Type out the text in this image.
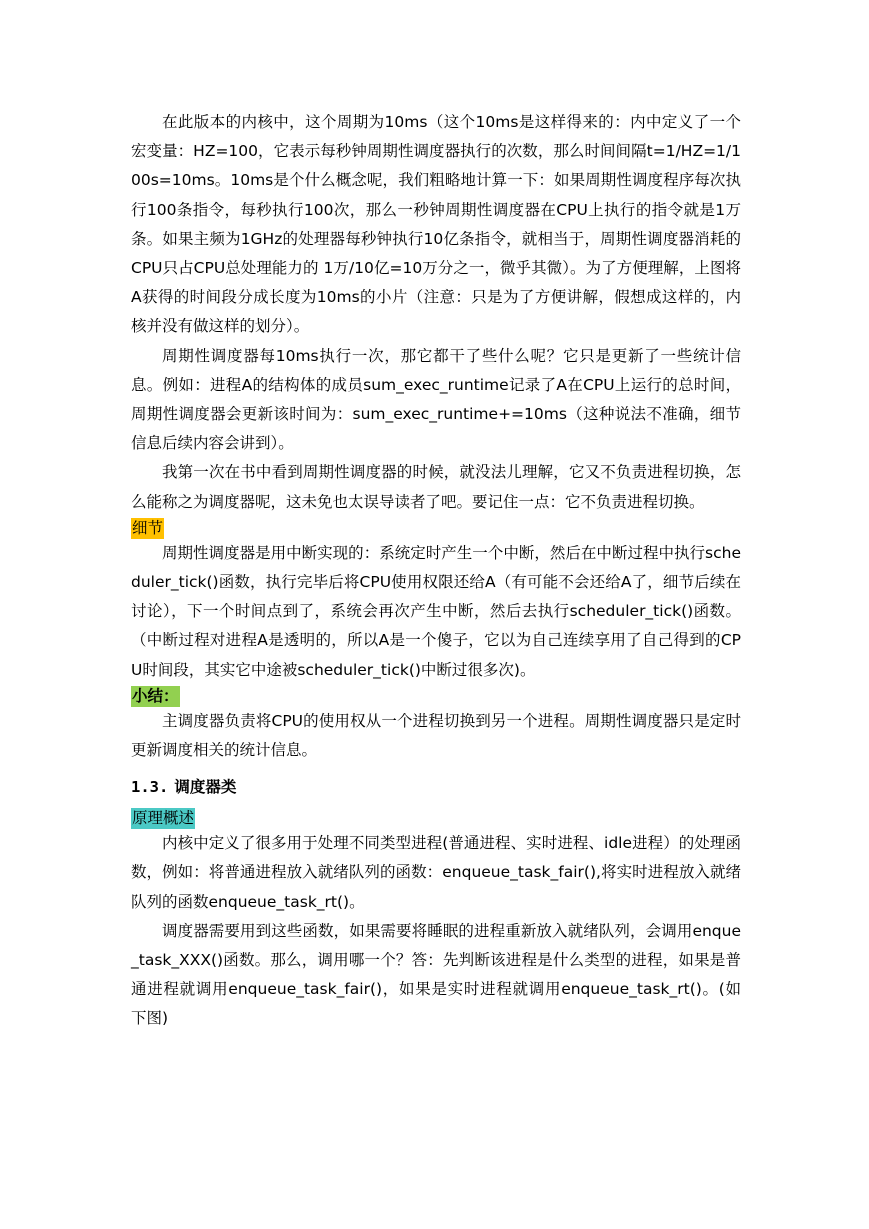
在此版本的内核中，这个周期为10ms（这个10ms是这样得来的：内中定义了一个宏变量：HZ=100，它表示每秒钟周期性调度器执行的次数，那么时间间隔t=1/HZ=1/100s=10ms。10ms是个什么概念呢，我们粗略地计算一下：如果周期性调度程序每次执行100条指令，每秒执行100次，那么一秒钟周期性调度器在CPU上执行的指令就是1万条。如果主频为1GHz的处理器每秒钟执行10亿条指令，就相当于，周期性调度器消耗的CPU只占CPU总处理能力的 1万/10亿=10万分之一，微乎其微）。为了方便理解，上图将A获得的时间段分成长度为10ms的小片（注意：只是为了方便讲解，假想成这样的，内核并没有做这样的划分）。

周期性调度器每10ms执行一次，那它都干了些什么呢？它只是更新了一些统计信息。例如：进程A的结构体的成员sum_exec_runtime记录了A在CPU上运行的总时间，周期性调度器会更新该时间为：sum_exec_runtime+=10ms（这种说法不准确，细节信息后续内容会讲到）。

我第一次在书中看到周期性调度器的时候，就没法儿理解，它又不负责进程切换，怎么能称之为调度器呢，这未免也太误导读者了吧。要记住一点：它不负责进程切换。

细节

周期性调度器是用中断实现的：系统定时产生一个中断，然后在中断过程中执行scheduler_tick()函数，执行完毕后将CPU使用权限还给A（有可能不会还给A了，细节后续在讨论），下一个时间点到了，系统会再次产生中断，然后去执行scheduler_tick()函数。（中断过程对进程A是透明的，所以A是一个傻子，它以为自己连续享用了自己得到的CPU时间段，其实它中途被scheduler_tick()中断过很多次)。

小结：

主调度器负责将CPU的使用权从一个进程切换到另一个进程。周期性调度器只是定时更新调度相关的统计信息。

1.3. 调度器类

原理概述

内核中定义了很多用于处理不同类型进程(普通进程、实时进程、idle进程）的处理函数，例如：将普通进程放入就绪队列的函数：enqueue_task_fair(),将实时进程放入就绪队列的函数enqueue_task_rt()。

调度器需要用到这些函数，如果需要将睡眠的进程重新放入就绪队列，会调用enque_task_XXX()函数。那么，调用哪一个？答：先判断该进程是什么类型的进程，如果是普通进程就调用enqueue_task_fair()，如果是实时进程就调用enqueue_task_rt()。(如下图)
